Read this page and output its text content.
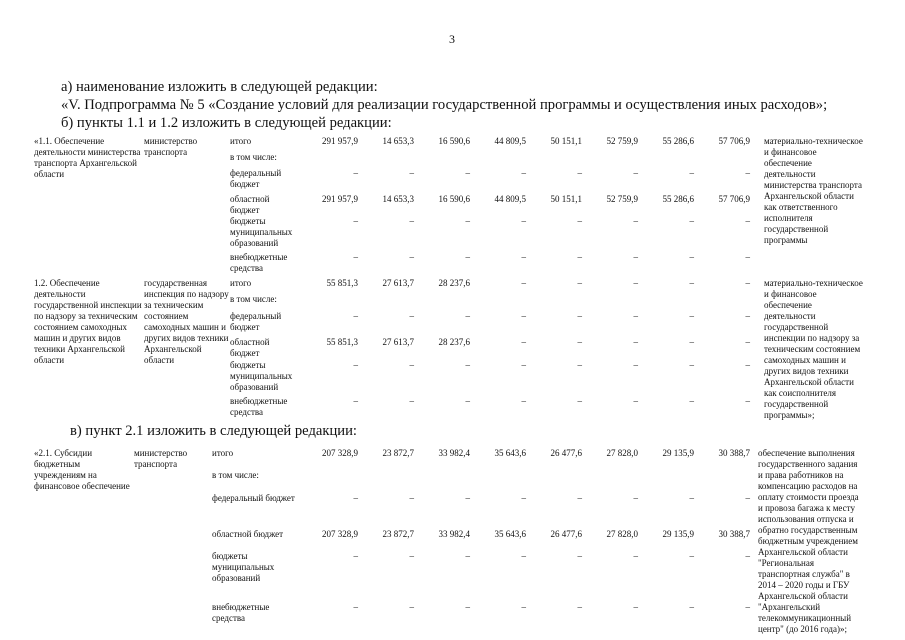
3
а) наименование изложить в следующей редакции:
«V. Подпрограмма № 5 «Создание условий для реализации государственной программы и осуществления иных расходов»;
б) пункты 1.1 и 1.2 изложить в следующей редакции:
«1.1. Обеспечение деятельности министерства транспорта Архангельской области	министерство транспорта	итого	291 957,9	14 653,3	16 590,6	44 809,5	50 151,1	52 759,9	55 286,6	57 706,9		материально-техническое и финансовое обеспечение деятельности министерства транспорта Архангельской области как ответственного исполнителя государственной программы
		в том числе:										
		федеральный бюджет	–	–	–	–	–	–	–	–		
		областной бюджет	291 957,9	14 653,3	16 590,6	44 809,5	50 151,1	52 759,9	55 286,6	57 706,9		
		бюджеты муниципальных образований	–	–	–	–	–	–	–	–		
		внебюджетные средства	–	–	–	–	–	–	–	–		
1.2. Обеспечение деятельности государственной инспекции по надзору за техническим состоянием самоходных машин и других видов техники Архангельской области	государственная инспекция по надзору за техническим состоянием самоходных машин и других видов техники Архангельской области	итого	55 851,3	27 613,7	28 237,6	–	–	–	–	–		материально-техническое и финансовое обеспечение деятельности государственной инспекции по надзору за техническим состоянием самоходных машин и других видов техники Архангельской области как соисполнителя государственной программы»;
		в том числе:										
		федеральный бюджет	–	–	–	–	–	–	–	–		
		областной бюджет	55 851,3	27 613,7	28 237,6	–	–	–	–	–		
		бюджеты муниципальных образований	–	–	–	–	–	–	–	–		
		внебюджетные средства	–	–	–	–	–	–	–	–		
в) пункт 2.1 изложить в следующей редакции:
«2.1. Субсидии бюджетным учреждениям на финансовое обеспечение	министерство транспорта	итого	207 328,9	23 872,7	33 982,4	35 643,6	26 477,6	27 828,0	29 135,9	30 388,7		обеспечение выполнения государственного задания и права работников на компенсацию расходов на оплату стоимости проезда и провоза багажа к месту использования отпуска и обратно государственным бюджетным учреждением Архангельской области "Региональная транспортная служба" в 2014 – 2020 годы и ГБУ Архангельской области "Архангельский телекоммуникационный центр" (до 2016 года)»;
		в том числе:										
		федеральный бюджет	–	–	–	–	–	–	–	–		
		областной бюджет	207 328,9	23 872,7	33 982,4	35 643,6	26 477,6	27 828,0	29 135,9	30 388,7		
		бюджеты муниципальных образований	–	–	–	–	–	–	–	–		
		внебюджетные средства	–	–	–	–	–	–	–	–		
